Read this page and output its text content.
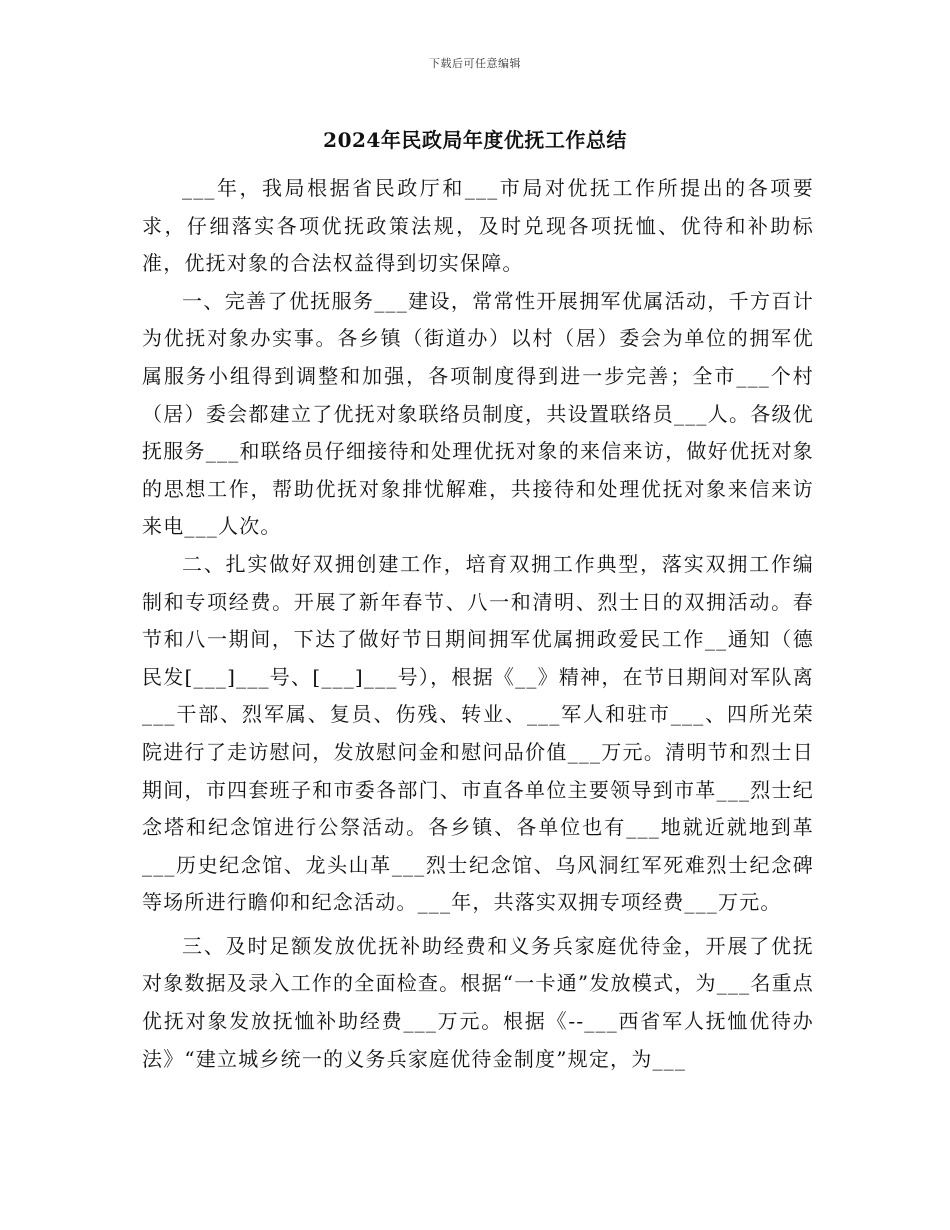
下载后可任意编辑
2024年民政局年度优抚工作总结

___年，我局根据省民政厅和___市局对优抚工作所提出的各项要求，仔细落实各项优抚政策法规，及时兑现各项抚恤、优待和补助标准，优抚对象的合法权益得到切实保障。

一、完善了优抚服务___建设，常常性开展拥军优属活动，千方百计为优抚对象办实事。各乡镇（街道办）以村（居）委会为单位的拥军优属服务小组得到调整和加强，各项制度得到进一步完善；全市___个村（居）委会都建立了优抚对象联络员制度，共设置联络员___人。各级优抚服务___和联络员仔细接待和处理优抚对象的来信来访，做好优抚对象的思想工作，帮助优抚对象排忧解难，共接待和处理优抚对象来信来访来电___人次。

二、扎实做好双拥创建工作，培育双拥工作典型，落实双拥工作编制和专项经费。开展了新年春节、八一和清明、烈士日的双拥活动。春节和八一期间，下达了做好节日期间拥军优属拥政爱民工作__通知（德民发[___]___号、[___]___号），根据《__》精神，在节日期间对军队离___干部、烈军属、复员、伤残、转业、___军人和驻市___、四所光荣院进行了走访慰问，发放慰问金和慰问品价值___万元。清明节和烈士日期间，市四套班子和市委各部门、市直各单位主要领导到市革___烈士纪念塔和纪念馆进行公祭活动。各乡镇、各单位也有___地就近就地到革___历史纪念馆、龙头山革___烈士纪念馆、乌风洞红军死难烈士纪念碑等场所进行瞻仰和纪念活动。___年，共落实双拥专项经费___万元。

三、及时足额发放优抚补助经费和义务兵家庭优待金，开展了优抚对象数据及录入工作的全面检查。根据“一卡通”发放模式，为___名重点优抚对象发放抚恤补助经费___万元。根据《--___西省军人抚恤优待办法》“建立城乡统一的义务兵家庭优待金制度”规定，为___
